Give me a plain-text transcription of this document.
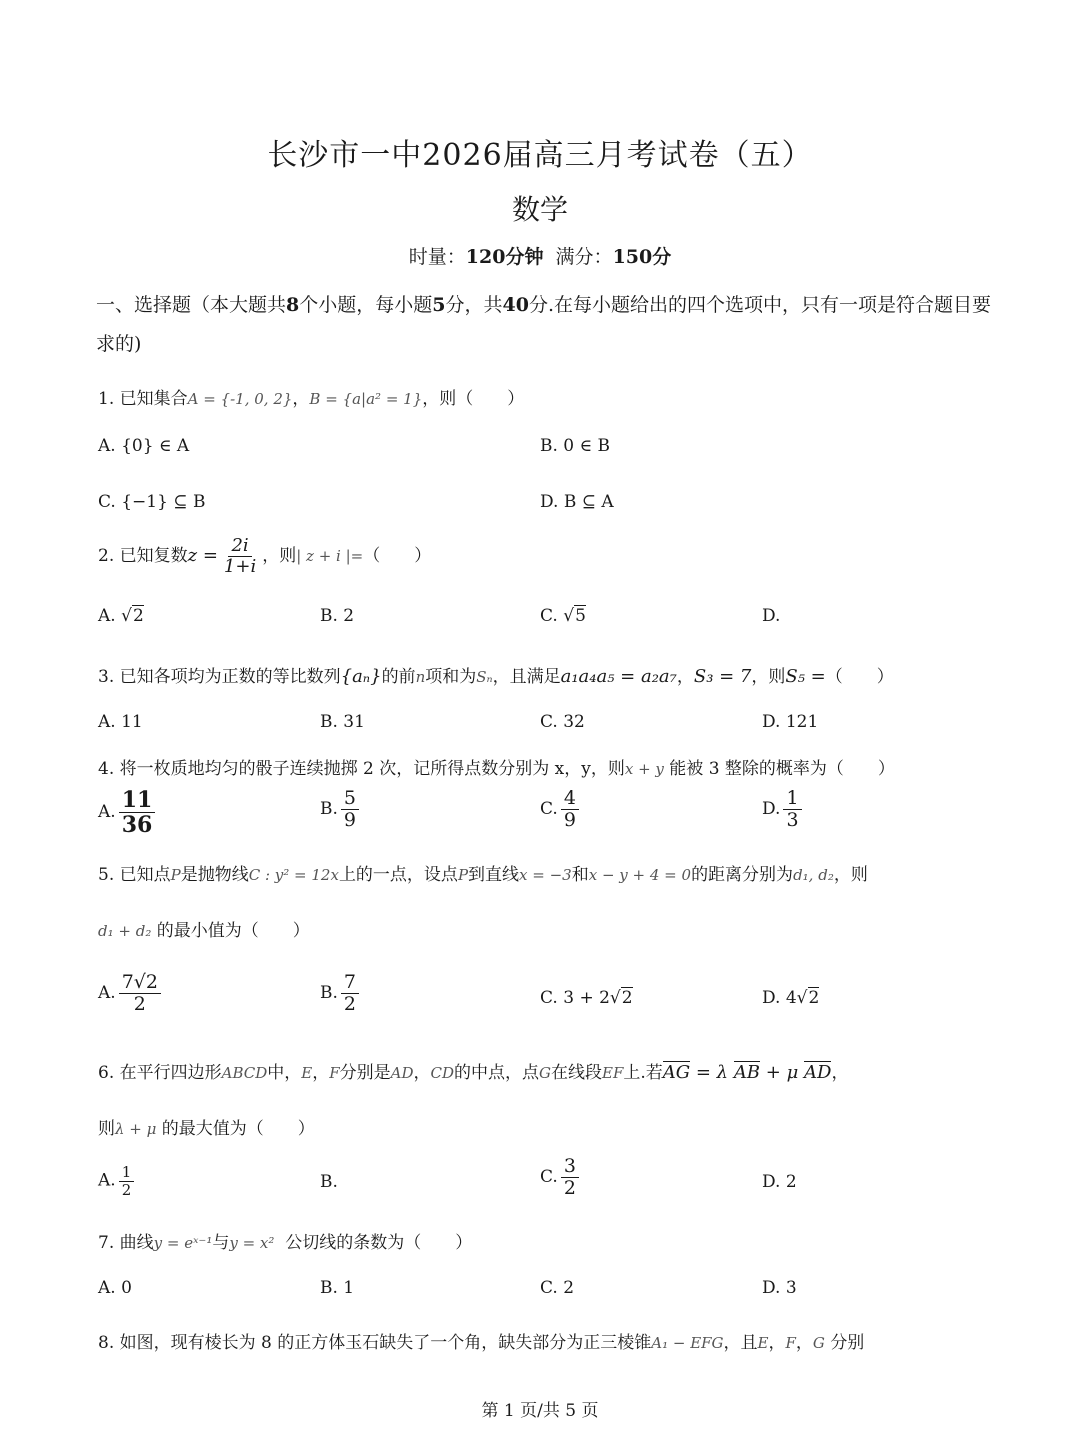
长沙市一中2026届高三月考试卷（五）
数学
时量：120分钟 满分：150分
一、选择题（本大题共8个小题，每小题5分，共40分.在每小题给出的四个选项中，只有一项是符合题目要求的)
1. 已知集合A = {-1, 0, 2}，B = {a|a² = 1}，则（　　）
A. {0} ∈ A	B. 0 ∈ B
C. {−1} ⊆ B	D. B ⊆ A
2. 已知复数$z = \frac{2i}{1+i}$ ，则| z + i |=（　　）
A. √2	B. 2	C. √5	D.
3. 已知各项均为正数的等比数列{aₙ}的前n项和为Sₙ，且满足a₁a₄a₅ = a₂a₇，S₃ = 7，则S₅ =（　　）
A. 11	B. 31	C. 32	D. 121
4. 将一枚质地均匀的骰子连续抛掷 2 次，记所得点数分别为 x，y，则x + y 能被 3 整除的概率为（　　）
A. $\frac{11}{36}$	B. $\frac{5}{9}$	C. $\frac{4}{9}$	D. $\frac{1}{3}$
5. 已知点P是抛物线C : y² = 12x上的一点，设点P到直线x = −3和x − y + 4 = 0的距离分别为d₁, d₂，则
d₁ + d₂ 的最小值为（　　）
A. $\frac{7√2}{2}$	B. $\frac{7}{2}$	C. 3 + 2√2	D. 4√2
6. 在平行四边形ABCD中，E，F分别是AD，CD的中点，点G在线段EF上.若AG = λ AB + μ AD，
则λ + μ 的最大值为（　　）
A. $\frac{1}{2}$	B.	C. $\frac{3}{2}$	D. 2
7. 曲线y = eˣ⁻¹与y = x² 公切线的条数为（　　）
A. 0	B. 1	C. 2	D. 3
8. 如图，现有棱长为 8 的正方体玉石缺失了一个角，缺失部分为正三棱锥A₁ − EFG，且E，F，G 分别
第 1 页/共 5 页
